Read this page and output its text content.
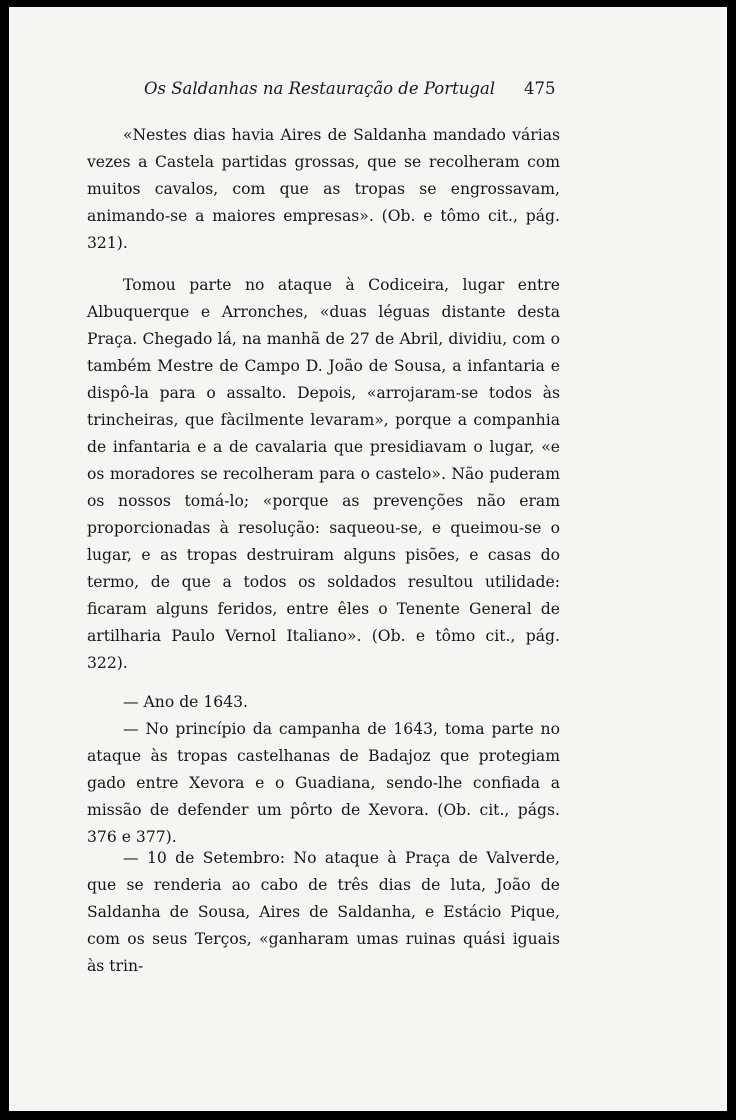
Os Saldanhas na Restauração de Portugal 475

«Nestes dias havia Aires de Saldanha mandado várias vezes a Castela partidas grossas, que se recolheram com muitos cavalos, com que as tropas se engrossavam, animando-se a maiores empresas». (Ob. e tômo cit., pág. 321).

Tomou parte no ataque à Codiceira, lugar entre Albuquerque e Arronches, «duas léguas distante desta Praça. Chegado lá, na manhã de 27 de Abril, dividiu, com o também Mestre de Campo D. João de Sousa, a infantaria e dispô-la para o assalto. Depois, «arrojaram-se todos às trincheiras, que fàcilmente levaram», porque a companhia de infantaria e a de cavalaria que presidiavam o lugar, «e os moradores se recolheram para o castelo». Não puderam os nossos tomá-lo; «porque as prevenções não eram proporcionadas à resolução: saqueou-se, e queimou-se o lugar, e as tropas destruiram alguns pisões, e casas do termo, de que a todos os soldados resultou utilidade: ficaram alguns feridos, entre êles o Tenente General de artilharia Paulo Vernol Italiano». (Ob. e tômo cit., pág. 322).

— Ano de 1643.

— No princípio da campanha de 1643, toma parte no ataque às tropas castelhanas de Badajoz que protegiam gado entre Xevora e o Guadiana, sendo-lhe confiada a missão de defender um pôrto de Xevora. (Ob. cit., págs. 376 e 377).

— 10 de Setembro: No ataque à Praça de Valverde, que se renderia ao cabo de três dias de luta, João de Saldanha de Sousa, Aires de Saldanha, e Estácio Pique, com os seus Terços, «ganharam umas ruinas quási iguais às trin-
